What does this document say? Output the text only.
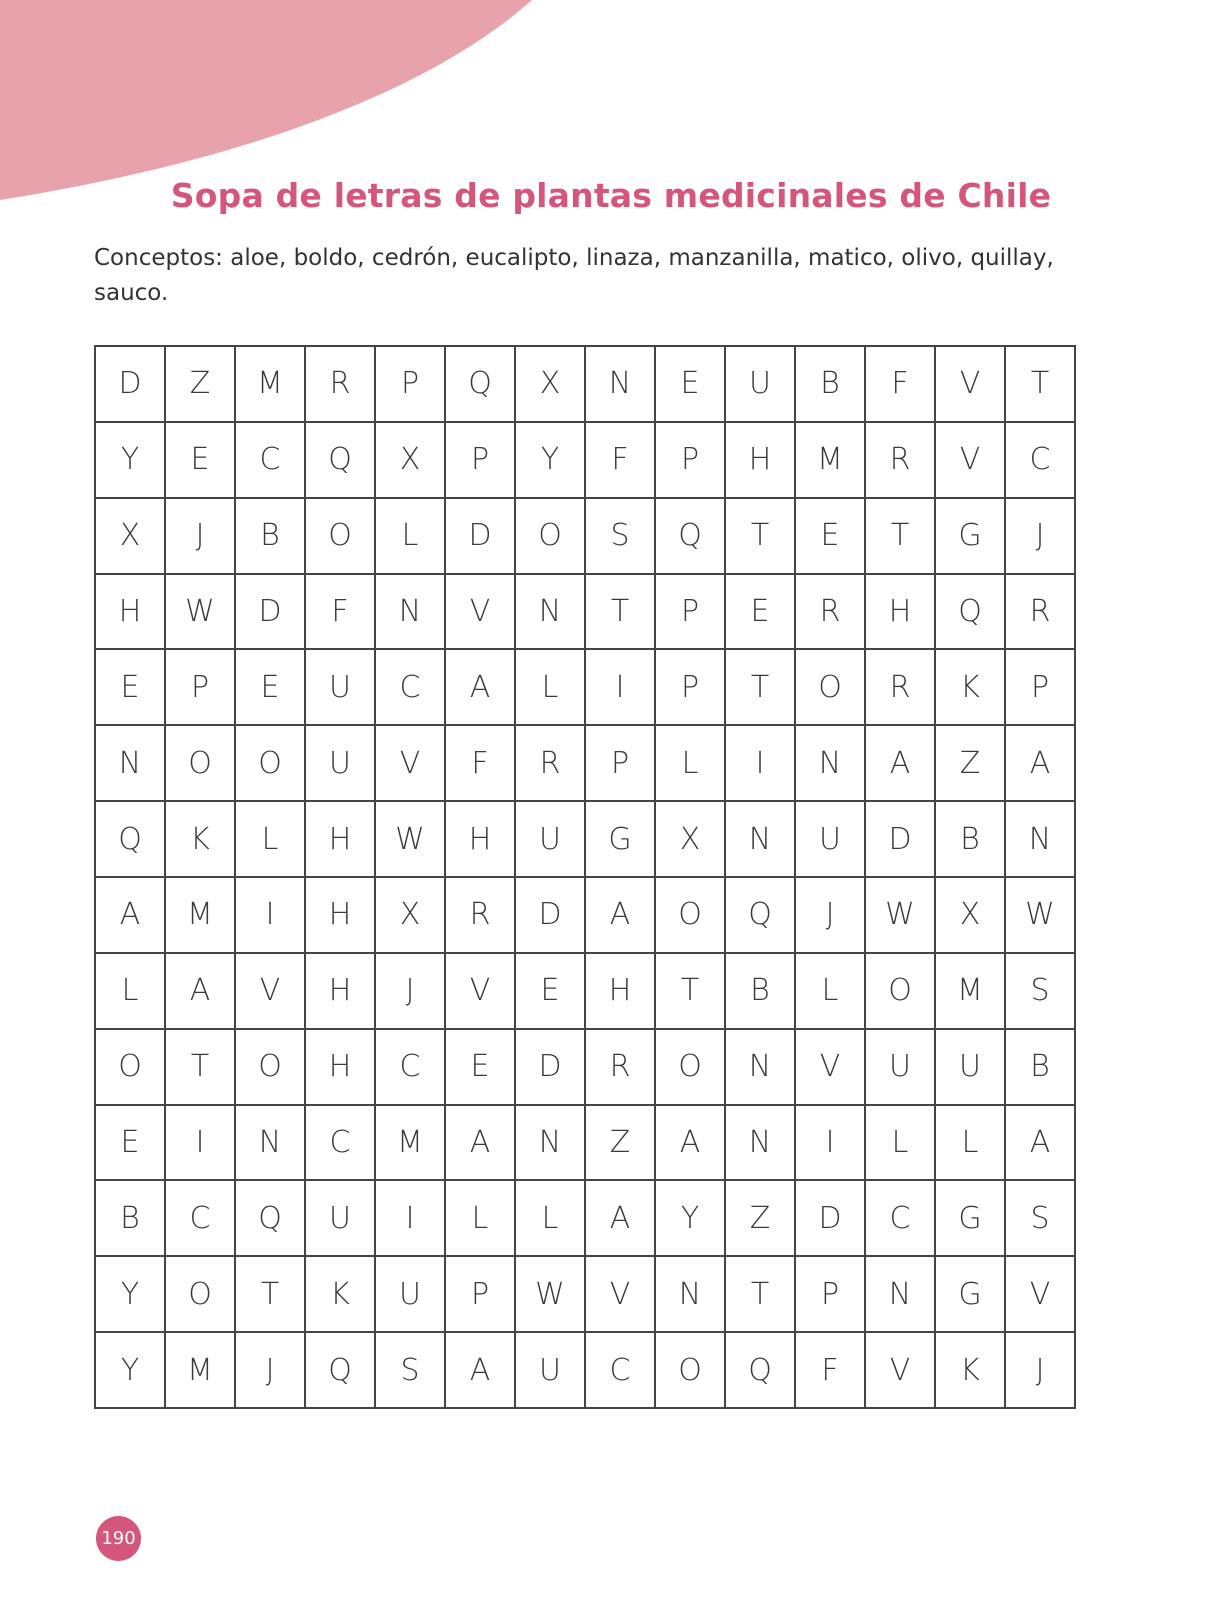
Sopa de letras de plantas medicinales de Chile
Conceptos: aloe, boldo, cedrón, eucalipto, linaza, manzanilla, matico, olivo, quillay, sauco.
D	Z	M	R	P	Q	X	N	E	U	B	F	V	T
Y	E	C	Q	X	P	Y	F	P	H	M	R	V	C
X	J	B	O	L	D	O	S	Q	T	E	T	G	J
H	W	D	F	N	V	N	T	P	E	R	H	Q	R
E	P	E	U	C	A	L	I	P	T	O	R	K	P
N	O	O	U	V	F	R	P	L	I	N	A	Z	A
Q	K	L	H	W	H	U	G	X	N	U	D	B	N
A	M	I	H	X	R	D	A	O	Q	J	W	X	W
L	A	V	H	J	V	E	H	T	B	L	O	M	S
O	T	O	H	C	E	D	R	O	N	V	U	U	B
E	I	N	C	M	A	N	Z	A	N	I	L	L	A
B	C	Q	U	I	L	L	A	Y	Z	D	C	G	S
Y	O	T	K	U	P	W	V	N	T	P	N	G	V
Y	M	J	Q	S	A	U	C	O	Q	F	V	K	J
190
